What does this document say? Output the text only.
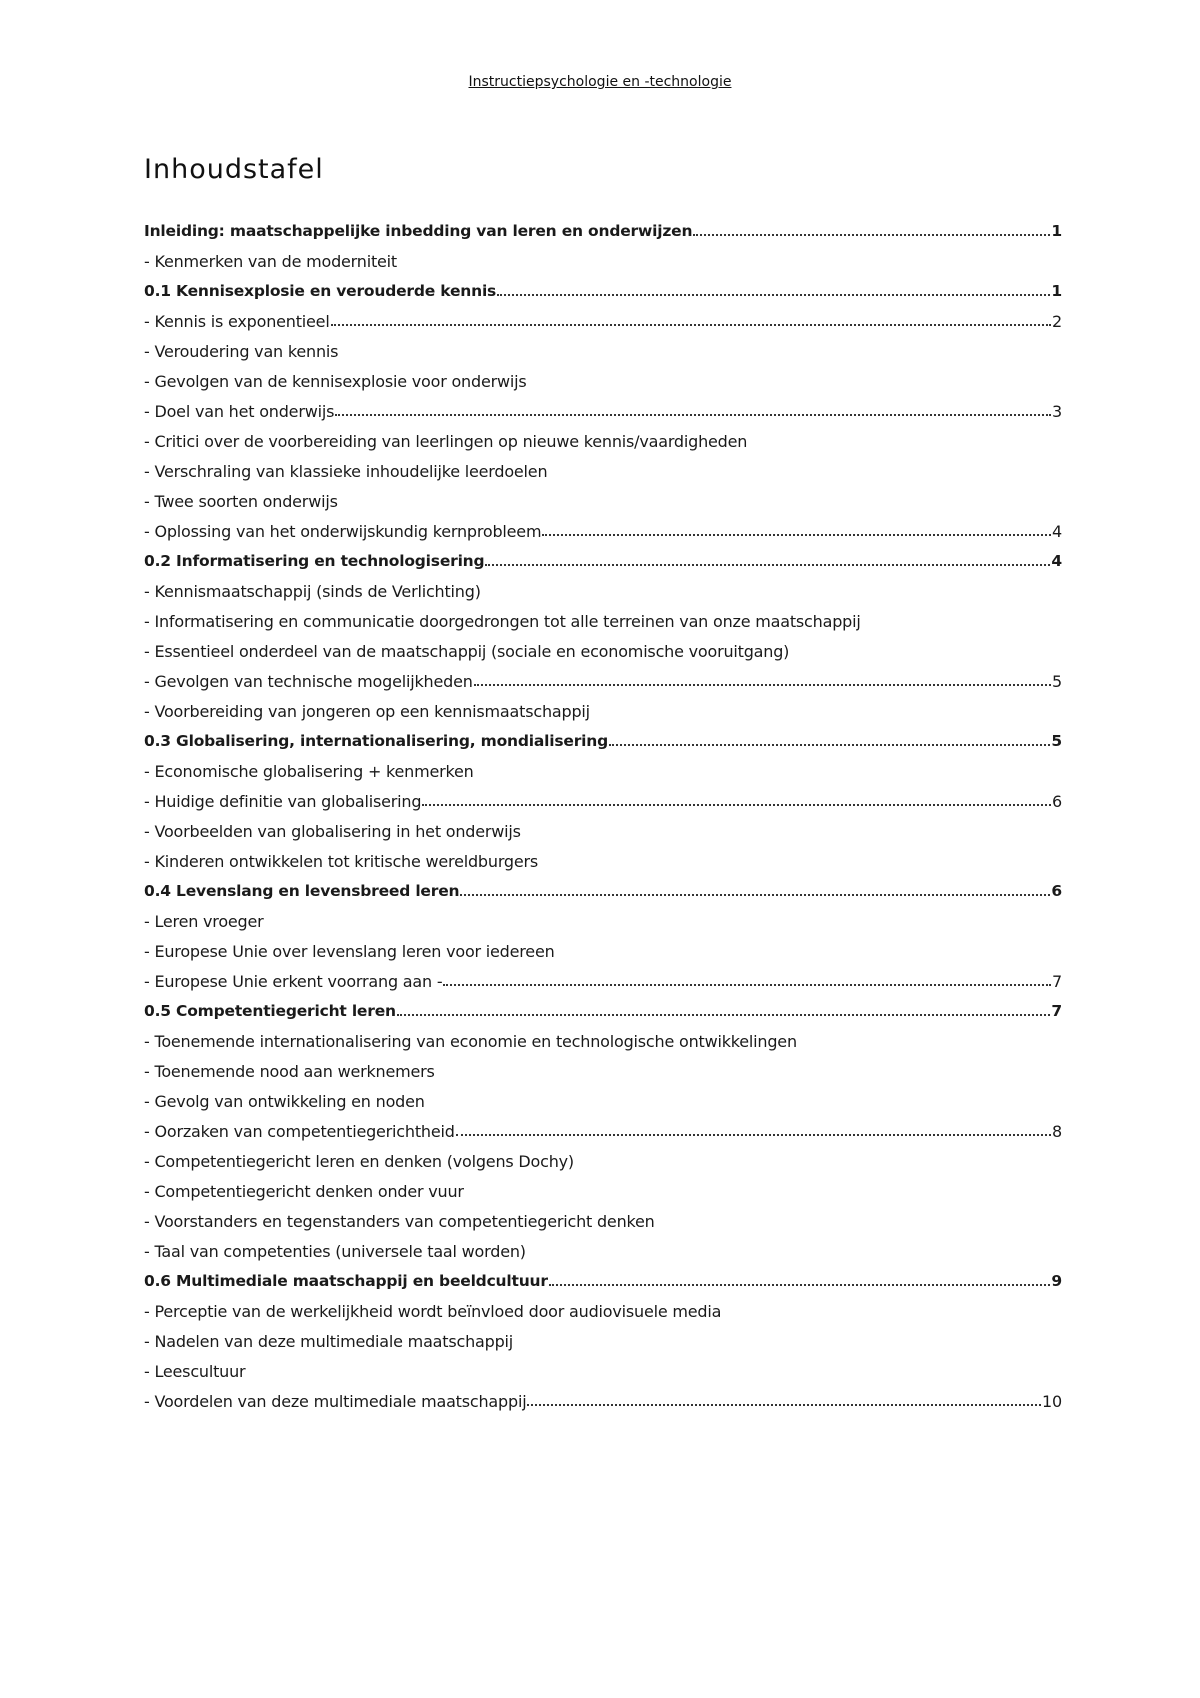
Instructiepsychologie en -technologie
Inhoudstafel
Inleiding: maatschappelijke inbedding van leren en onderwijzen	1
- Kenmerken van de moderniteit
0.1 Kennisexplosie en verouderde kennis	1
- Kennis is exponentieel	2
- Veroudering van kennis
- Gevolgen van de kennisexplosie voor onderwijs
- Doel van het onderwijs	3
- Critici over de voorbereiding van leerlingen op nieuwe kennis/vaardigheden
- Verschraling van klassieke inhoudelijke leerdoelen
- Twee soorten onderwijs
- Oplossing van het onderwijskundig kernprobleem	4
0.2 Informatisering en technologisering	4
- Kennismaatschappij (sinds de Verlichting)
- Informatisering en communicatie doorgedrongen tot alle terreinen van onze maatschappij
- Essentieel onderdeel van de maatschappij (sociale en economische vooruitgang)
- Gevolgen van technische mogelijkheden	5
- Voorbereiding van jongeren op een kennismaatschappij
0.3 Globalisering, internationalisering, mondialisering	5
- Economische globalisering + kenmerken
- Huidige definitie van globalisering	6
- Voorbeelden van globalisering in het onderwijs
- Kinderen ontwikkelen tot kritische wereldburgers
0.4 Levenslang en levensbreed leren	6
- Leren vroeger
- Europese Unie over levenslang leren voor iedereen
- Europese Unie erkent voorrang aan -	7
0.5 Competentiegericht leren	7
- Toenemende internationalisering van economie en technologische ontwikkelingen
- Toenemende nood aan werknemers
- Gevolg van ontwikkeling en noden
- Oorzaken van competentiegerichtheid	8
- Competentiegericht leren en denken (volgens Dochy)
- Competentiegericht denken onder vuur
- Voorstanders en tegenstanders van competentiegericht denken
- Taal van competenties (universele taal worden)
0.6 Multimediale maatschappij en beeldcultuur	9
- Perceptie van de werkelijkheid wordt beïnvloed door audiovisuele media
- Nadelen van deze multimediale maatschappij
- Leescultuur
- Voordelen van deze multimediale maatschappij	10
